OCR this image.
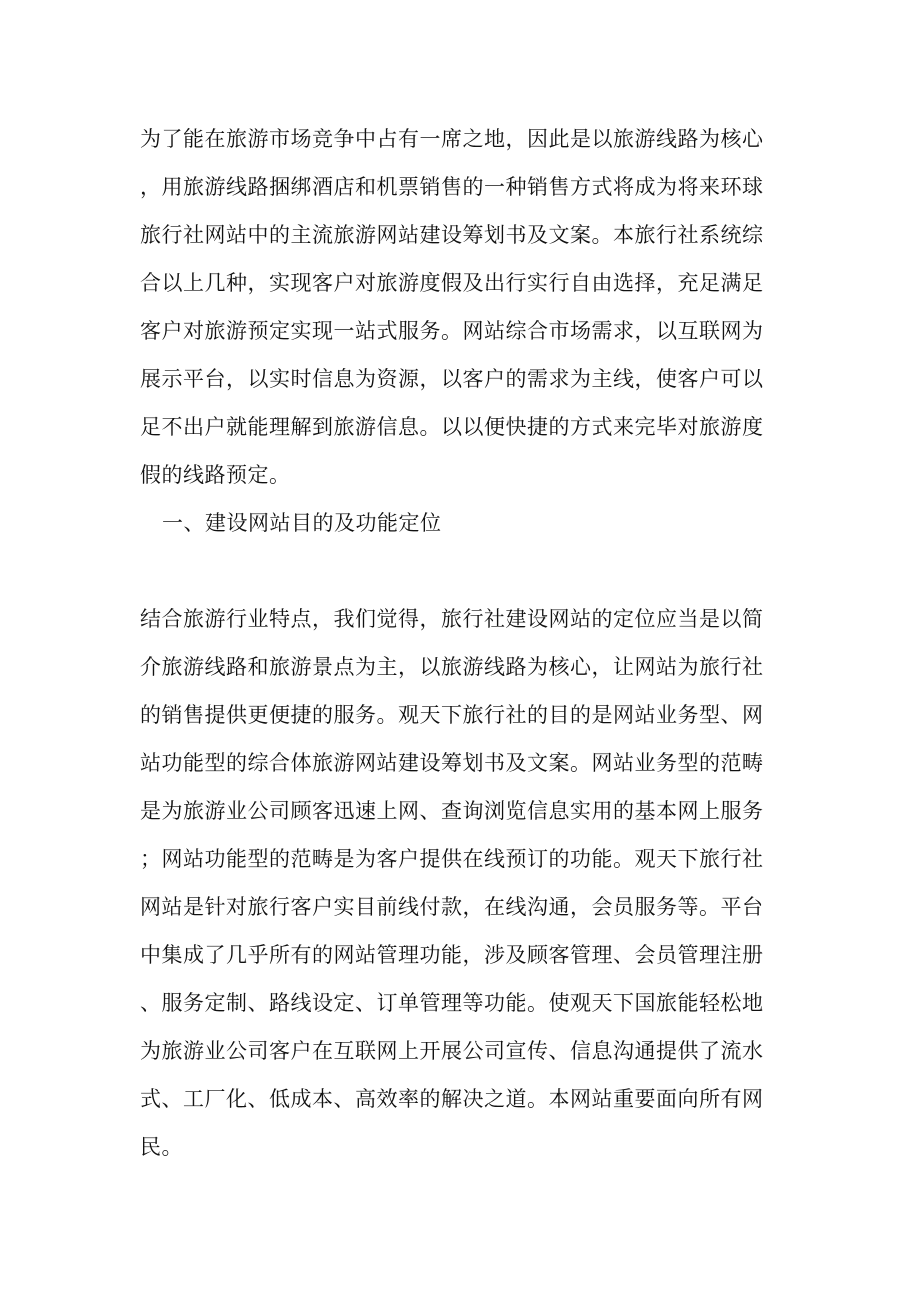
为了能在旅游市场竞争中占有一席之地，因此是以旅游线路为核心
，用旅游线路捆绑酒店和机票销售的一种销售方式将成为将来环球
旅行社网站中的主流旅游网站建设筹划书及文案。本旅行社系统综
合以上几种，实现客户对旅游度假及出行实行自由选择，充足满足
客户对旅游预定实现一站式服务。网站综合市场需求，以互联网为
展示平台，以实时信息为资源，以客户的需求为主线，使客户可以
足不出户就能理解到旅游信息。以以便快捷的方式来完毕对旅游度
假的线路预定。
一、建设网站目的及功能定位
结合旅游行业特点，我们觉得，旅行社建设网站的定位应当是以简
介旅游线路和旅游景点为主，以旅游线路为核心，让网站为旅行社
的销售提供更便捷的服务。观天下旅行社的目的是网站业务型、网
站功能型的综合体旅游网站建设筹划书及文案。网站业务型的范畴
是为旅游业公司顾客迅速上网、查询浏览信息实用的基本网上服务
；网站功能型的范畴是为客户提供在线预订的功能。观天下旅行社
网站是针对旅行客户实目前线付款，在线沟通，会员服务等。平台
中集成了几乎所有的网站管理功能，涉及顾客管理、会员管理注册
、服务定制、路线设定、订单管理等功能。使观天下国旅能轻松地
为旅游业公司客户在互联网上开展公司宣传、信息沟通提供了流水
式、工厂化、低成本、高效率的解决之道。本网站重要面向所有网
民。
